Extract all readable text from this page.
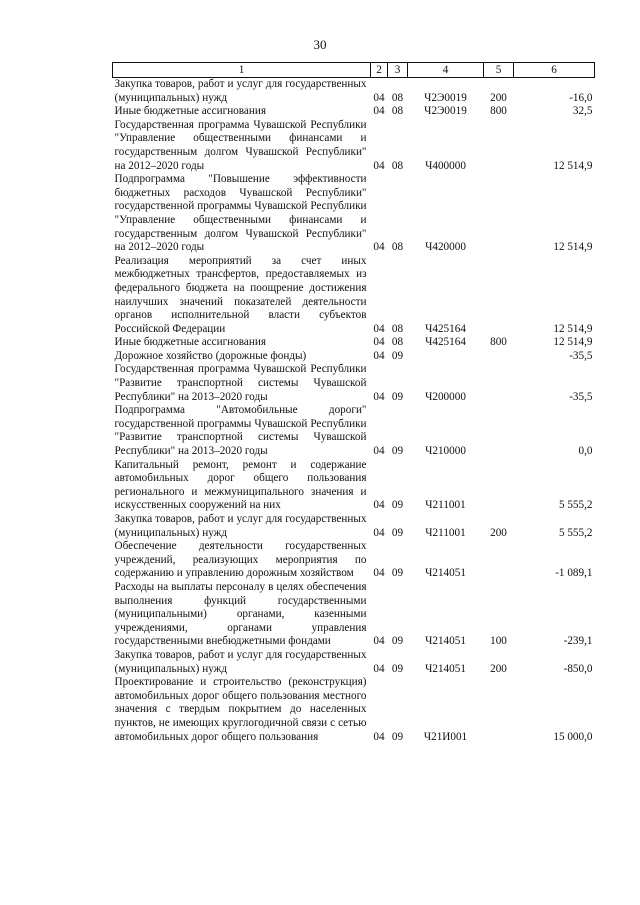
30
1	2	3	4	5	6
Закупка товаров, работ и услуг для государственных (муниципальных) нужд	04	08	Ч2Э0019	200	-16,0
Иные бюджетные ассигнования	04	08	Ч2Э0019	800	32,5
Государственная программа Чувашской Республики "Управление общественными финансами и государственным долгом Чувашской Республики" на 2012–2020 годы	04	08	Ч400000		12 514,9
Подпрограмма "Повышение эффективности бюджетных расходов Чувашской Республики" государственной программы Чувашской Республики "Управление общественными финансами и государственным долгом Чувашской Республики" на 2012–2020 годы	04	08	Ч420000		12 514,9
Реализация мероприятий за счет иных межбюджетных трансфертов, предоставляемых из федерального бюджета на поощрение достижения наилучших значений показателей деятельности органов исполнительной власти субъектов Российской Федерации	04	08	Ч425164		12 514,9
Иные бюджетные ассигнования	04	08	Ч425164	800	12 514,9
Дорожное хозяйство (дорожные фонды)	04	09			-35,5
Государственная программа Чувашской Республики "Развитие транспортной системы Чувашской Республики" на 2013–2020 годы	04	09	Ч200000		-35,5
Подпрограмма "Автомобильные дороги" государственной программы Чувашской Республики "Развитие транспортной системы Чувашской Республики" на 2013–2020 годы	04	09	Ч210000		0,0
Капитальный ремонт, ремонт и содержание автомобильных дорог общего пользования регионального и межмуниципального значения и искусственных сооружений на них	04	09	Ч211001		5 555,2
Закупка товаров, работ и услуг для государственных (муниципальных) нужд	04	09	Ч211001	200	5 555,2
Обеспечение деятельности государственных учреждений, реализующих мероприятия по содержанию и управлению дорожным хозяйством	04	09	Ч214051		-1 089,1
Расходы на выплаты персоналу в целях обеспечения выполнения функций государственными (муниципальными) органами, казенными учреждениями, органами управления государственными внебюджетными фондами	04	09	Ч214051	100	-239,1
Закупка товаров, работ и услуг для государственных (муниципальных) нужд	04	09	Ч214051	200	-850,0
Проектирование и строительство (реконструкция) автомобильных дорог общего пользования местного значения с твердым покрытием до населенных пунктов, не имеющих круглогодичной связи с сетью автомобильных дорог общего пользования	04	09	Ч21И001		15 000,0
